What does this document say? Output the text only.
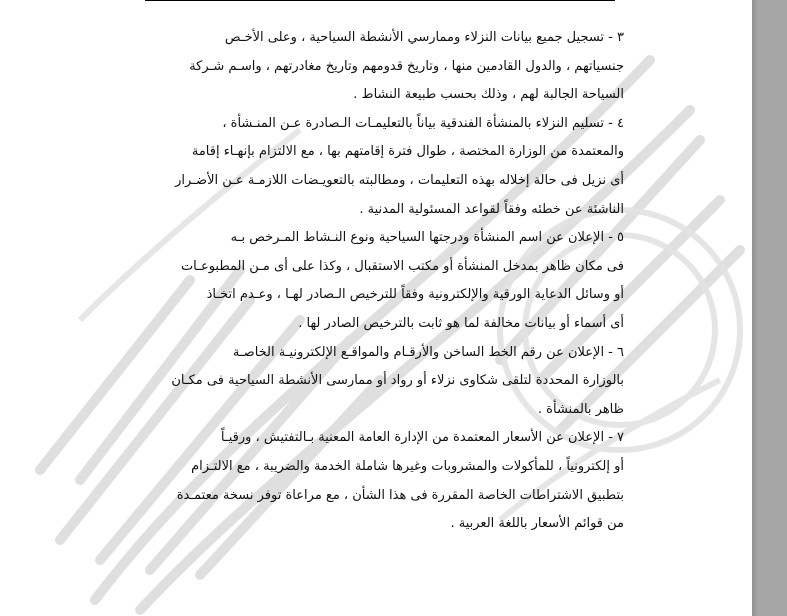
٣ - تسجيل جميع بيانات النزلاء وممارسي الأنشطة السياحية ، وعلى الأخـص
جنسياتهم ، والدول القادمين منها ، وتاريخ قدومهم وتاريخ مغادرتهم ، واسـم شـركة
السياحة الجالبة لهم ، وذلك بحسب طبيعة النشاط .

٤ - تسليم النزلاء بالمنشأة الفندقية بياناً بالتعليمـات الـصادرة عـن المنـشأة ،
والمعتمدة من الوزارة المختصة ، طوال فترة إقامتهم بها ، مع الالتزام بإنهـاء إقامة
أى نزيل فى حالة إخلاله بهذه التعليمات ، ومطالبته بالتعويـضات اللازمـة عـن الأضـرار
الناشئة عن خطئه وفقاً لقواعد المسئولية المدنية .

٥ - الإعلان عن اسم المنشأة ودرجتها السياحية ونوع النـشاط المـرخص بـه
فى مكان ظاهر بمدخل المنشأة أو مكتب الاستقبال ، وكذا على أى مـن المطبوعـات
أو وسائل الدعاية الورقية والإلكترونية وفقاً للترخيص الـصادر لهـا ، وعـدم اتخـاذ
أى أسماء أو بيانات مخالفة لما هو ثابت بالترخيص الصادر لها .

٦ - الإعلان عن رقم الخط الساخن والأرقـام والمواقـع الإلكترونيـة الخاصـة
بالوزارة المحددة لتلقى شكاوى نزلاء أو رواد أو ممارسى الأنشطة السياحية فى مكـان
ظاهر بالمنشأة .

٧ - الإعلان عن الأسعار المعتمدة من الإدارة العامة المعنية بـالتفتيش ، ورقيـاً
أو إلكترونياً ، للمأكولات والمشروبات وغيرها شاملة الخدمة والضريبة ، مع الالتـزام
بتطبيق الاشتراطات الخاصة المقررة فى هذا الشأن ، مع مراعاة توفر نسخة معتمـدة
من قوائم الأسعار باللغة العربية .
